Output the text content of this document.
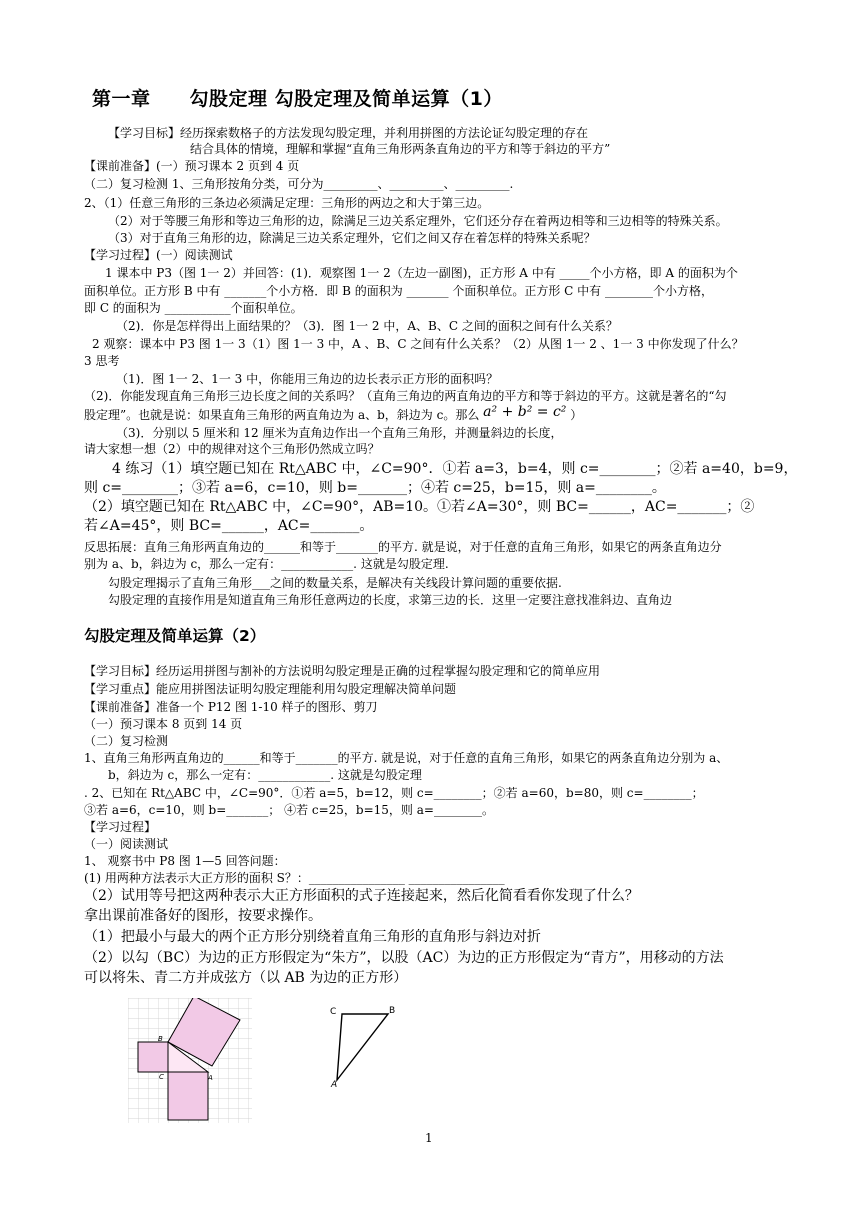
第一章　　勾股定理 勾股定理及简单运算（1）
【学习目标】经历探索数格子的方法发现勾股定理，并利用拼图的方法论证勾股定理的存在
结合具体的情境，理解和掌握“直角三角形两条直角边的平方和等于斜边的平方”
【课前准备】(一）预习课本 2 页到 4 页
（二）复习检测 1、三角形按角分类，可分为_________、_________、_________.
2、（1）任意三角形的三条边必须满足定理：三角形的两边之和大于第三边。
（2）对于等腰三角形和等边三角形的边，除满足三边关系定理外，它们还分存在着两边相等和三边相等的特殊关系。
（3）对于直角三角形的边，除满足三边关系定理外，它们之间又存在着怎样的特殊关系呢？
【学习过程】(一）阅读测试
1 课本中 P3（图 1一 2）并回答：(1)．观察图 1一 2（左边一副图)，正方形 A 中有 _____个小方格，即 A 的面积为个
面积单位。正方形 B 中有 _______个小方格．即 B 的面积为 _______ 个面积单位。正方形 C 中有 ________个小方格，
即 C 的面积为 ___________个面积单位。
（2)．你是怎样得出上面结果的？（3)．图 1一 2 中，A、B、C 之间的面积之间有什么关系？
2 观察：课本中 P3 图 1一 3（1）图 1一 3 中，A 、B、C 之间有什么关系？（2）从图 1一 2 、1一 3 中你发现了什么？
3 思考
（1)．图 1一 2、1一 3 中，你能用三角边的边长表示正方形的面积吗？
（2)．你能发现直角三角形三边长度之间的关系吗？（直角三角边的两直角边的平方和等于斜边的平方。这就是著名的“勾
股定理”。也就是说：如果直角三角形的两直角边为 a、b，斜边为 c。那么 a² + b² = c² ）
（3)．分别以 5 厘米和 12 厘米为直角边作出一个直角三角形，并测量斜边的长度，
请大家想一想（2）中的规律对这个三角形仍然成立吗？
4 练习（1）填空题已知在 Rt△ABC 中，∠C=90°．①若 a=3，b=4，则 c=________；②若 a=40，b=9，
则 c=________；③若 a=6，c=10，则 b=_______；④若 c=25，b=15，则 a=________。
（2）填空题已知在 Rt△ABC 中，∠C=90°，AB=10。①若∠A=30°，则 BC=______，AC=_______；②
若∠A=45°，则 BC=______，AC=_______。
反思拓展：直角三角形两直角边的______和等于_______的平方. 就是说，对于任意的直角三角形，如果它的两条直角边分
别为 a、b，斜边为 c，那么一定有：____________. 这就是勾股定理.
勾股定理揭示了直角三角形___之间的数量关系，是解决有关线段计算问题的重要依据.
勾股定理的直接作用是知道直角三角形任意两边的长度，求第三边的长．这里一定要注意找准斜边、直角边
勾股定理及简单运算（2）
【学习目标】经历运用拼图与割补的方法说明勾股定理是正确的过程掌握勾股定理和它的简单应用
【学习重点】能应用拼图法证明勾股定理能利用勾股定理解决简单问题
【课前准备】准备一个 P12 图 1-10 样子的图形、剪刀
（一）预习课本 8 页到 14 页
（二）复习检测
1、直角三角形两直角边的______和等于_______的平方. 就是说，对于任意的直角三角形，如果它的两条直角边分别为 a、
b，斜边为 c，那么一定有：____________. 这就是勾股定理
. 2、已知在 Rt△ABC 中，∠C=90°．①若 a=5，b=12，则 c=________；②若 a=60，b=80，则 c=________；
③若 a=6，c=10，则 b=_______； ④若 c=25，b=15，则 a=________。
【学习过程】
（一）阅读测试
1、 观察书中 P8 图 1—5 回答问题：
(1) 用两种方法表示大正方形的面积 S？：________________ ________________
（2）试用等号把这两种表示大正方形面积的式子连接起来，然后化简看看你发现了什么？
拿出课前准备好的图形，按要求操作。
（1）把最小与最大的两个正方形分别绕着直角三角形的直角形与斜边对折
（2）以勾（BC）为边的正方形假定为“朱方”，以股（AC）为边的正方形假定为“青方”，用移动的方法
可以将朱、青二方并成弦方（以 AB 为边的正方形）
B
C	A
C	B
A
1
